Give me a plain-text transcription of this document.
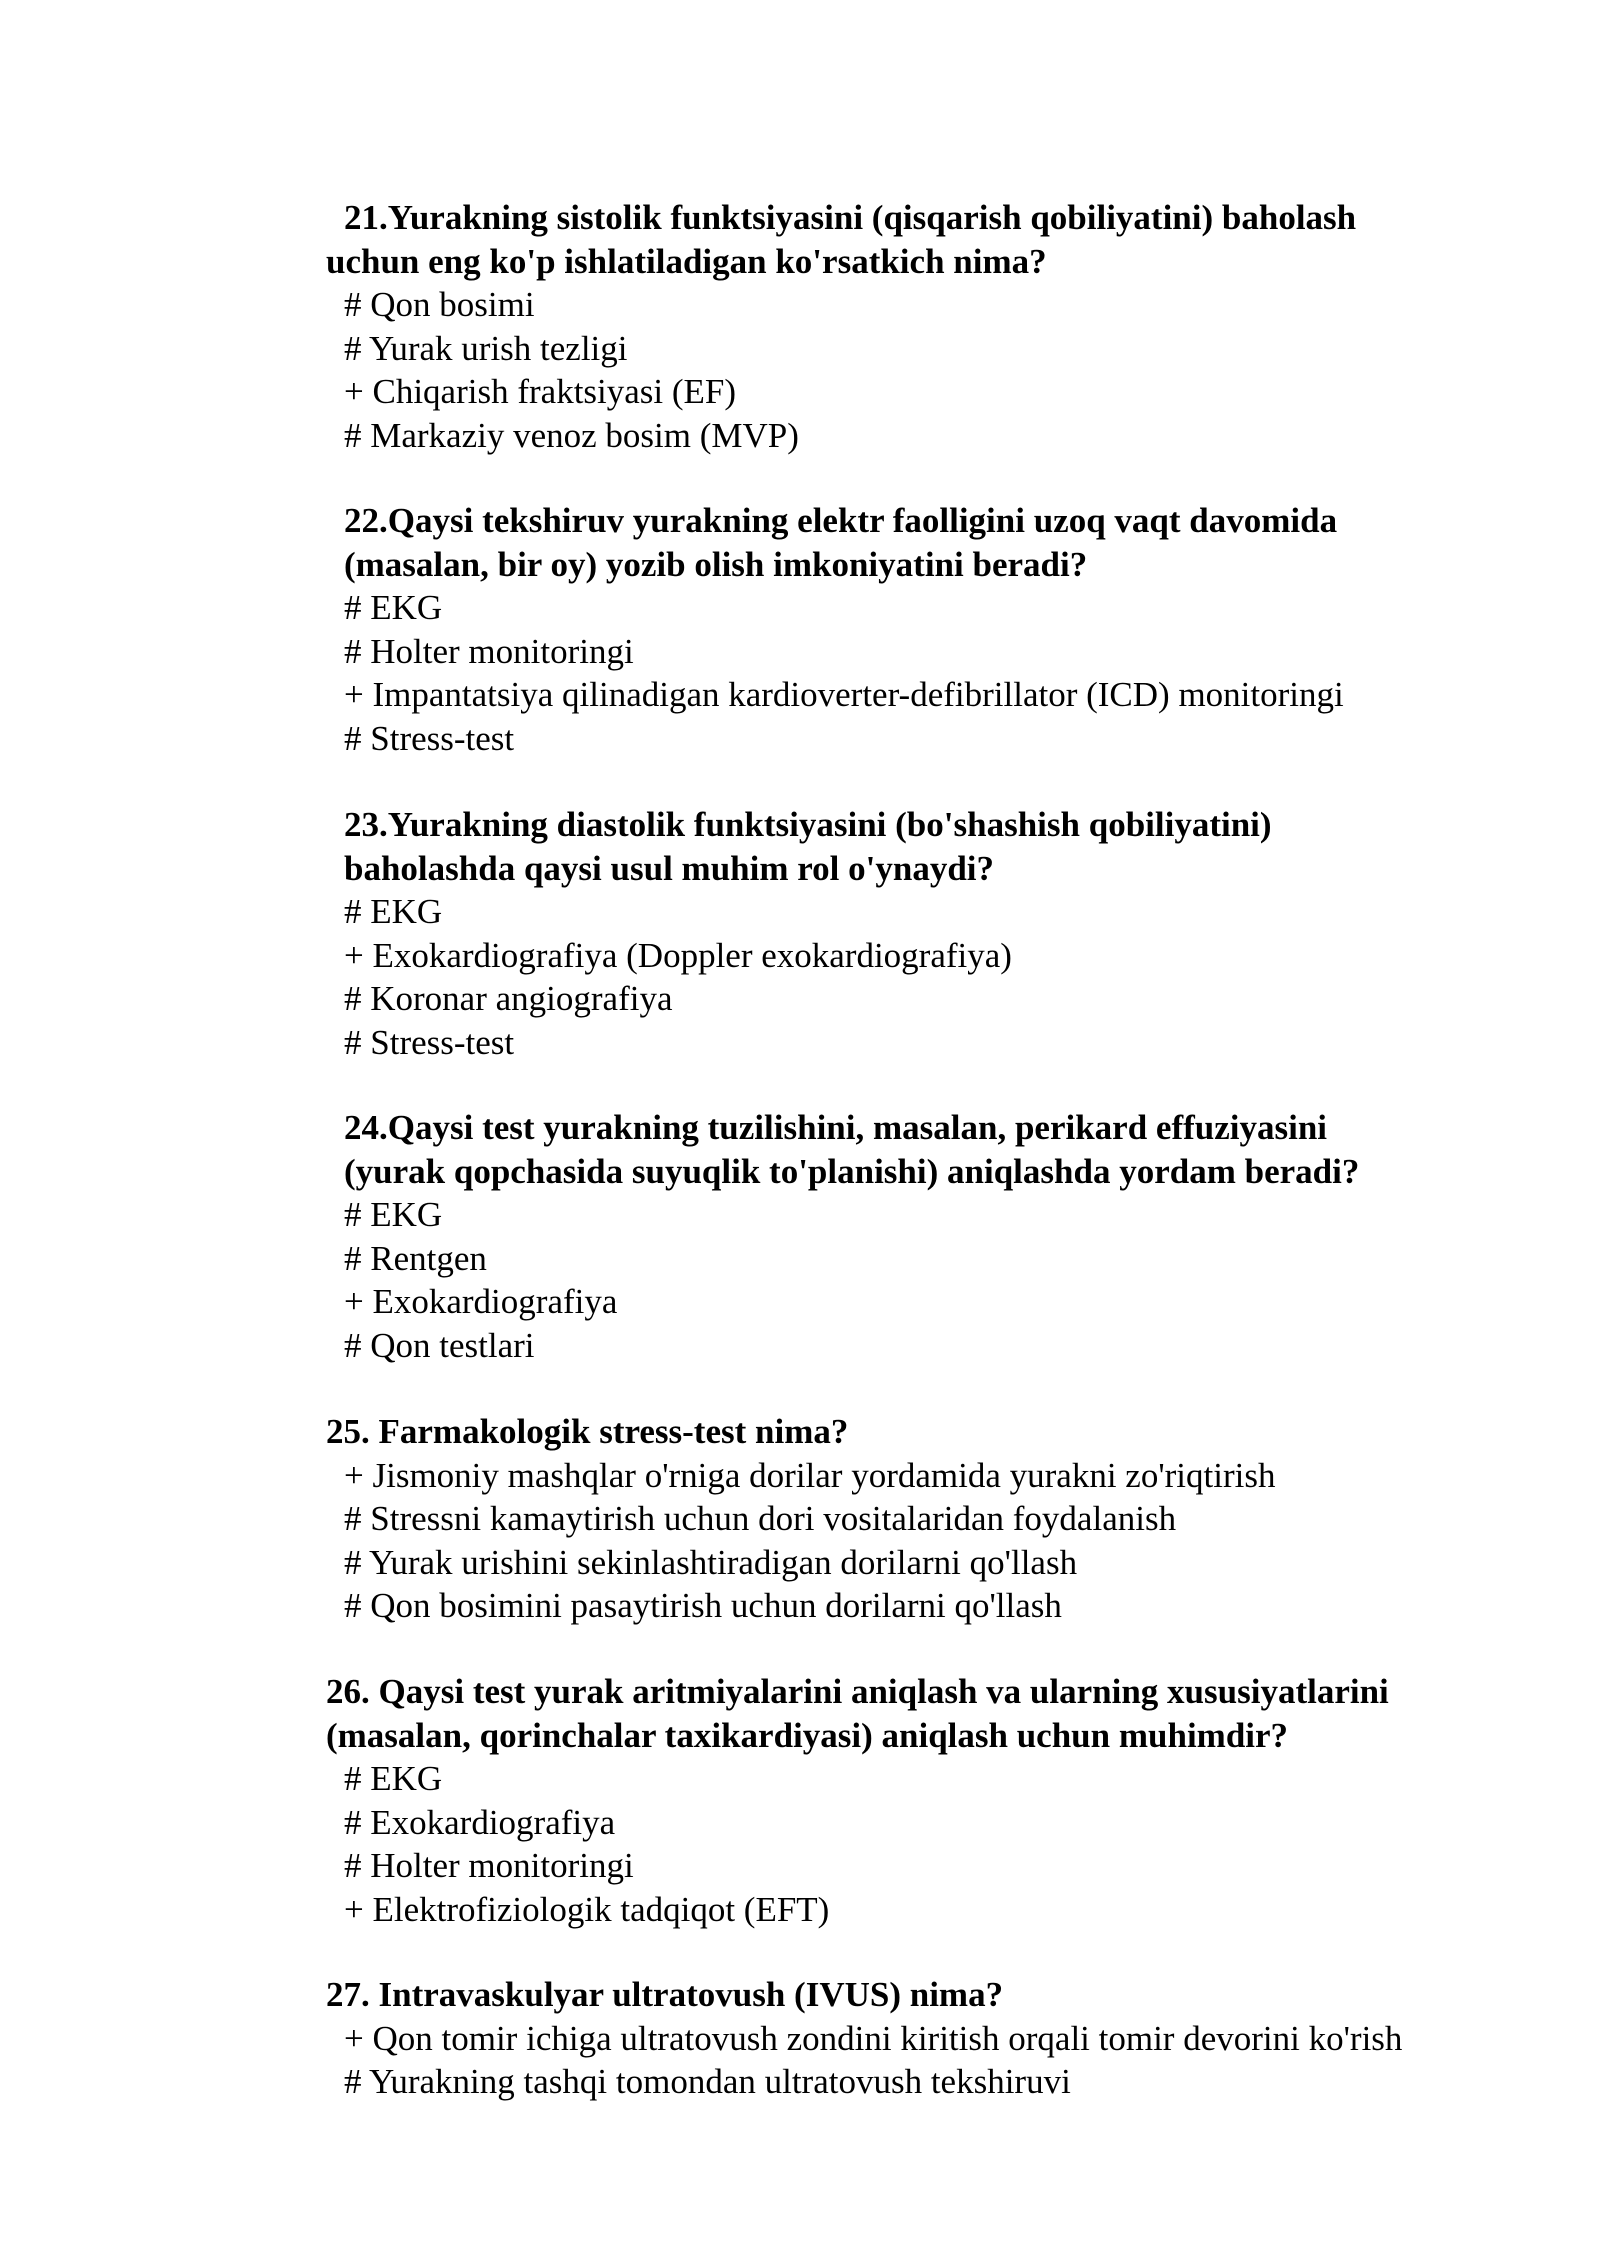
21.Yurakning sistolik funktsiyasini (qisqarish qobiliyatini) baholash
uchun eng ko'p ishlatiladigan ko'rsatkich nima?
# Qon bosimi
# Yurak urish tezligi
+ Chiqarish fraktsiyasi (EF)
# Markaziy venoz bosim (MVP)
22.Qaysi tekshiruv yurakning elektr faolligini uzoq vaqt davomida
(masalan, bir oy) yozib olish imkoniyatini beradi?
# EKG
# Holter monitoringi
+ Impantatsiya qilinadigan kardioverter-defibrillator (ICD) monitoringi
# Stress-test
23.Yurakning diastolik funktsiyasini (bo'shashish qobiliyatini)
baholashda qaysi usul muhim rol o'ynaydi?
# EKG
+ Exokardiografiya (Doppler exokardiografiya)
# Koronar angiografiya
# Stress-test
24.Qaysi test yurakning tuzilishini, masalan, perikard effuziyasini
(yurak qopchasida suyuqlik to'planishi) aniqlashda yordam beradi?
# EKG
# Rentgen
+ Exokardiografiya
# Qon testlari
25. Farmakologik stress-test nima?
+ Jismoniy mashqlar o'rniga dorilar yordamida yurakni zo'riqtirish
# Stressni kamaytirish uchun dori vositalaridan foydalanish
# Yurak urishini sekinlashtiradigan dorilarni qo'llash
# Qon bosimini pasaytirish uchun dorilarni qo'llash
26. Qaysi test yurak aritmiyalarini aniqlash va ularning xususiyatlarini
(masalan, qorinchalar taxikardiyasi) aniqlash uchun muhimdir?
# EKG
# Exokardiografiya
# Holter monitoringi
+ Elektrofiziologik tadqiqot (EFT)
27. Intravaskulyar ultratovush (IVUS) nima?
+ Qon tomir ichiga ultratovush zondini kiritish orqali tomir devorini ko'rish
# Yurakning tashqi tomondan ultratovush tekshiruvi
